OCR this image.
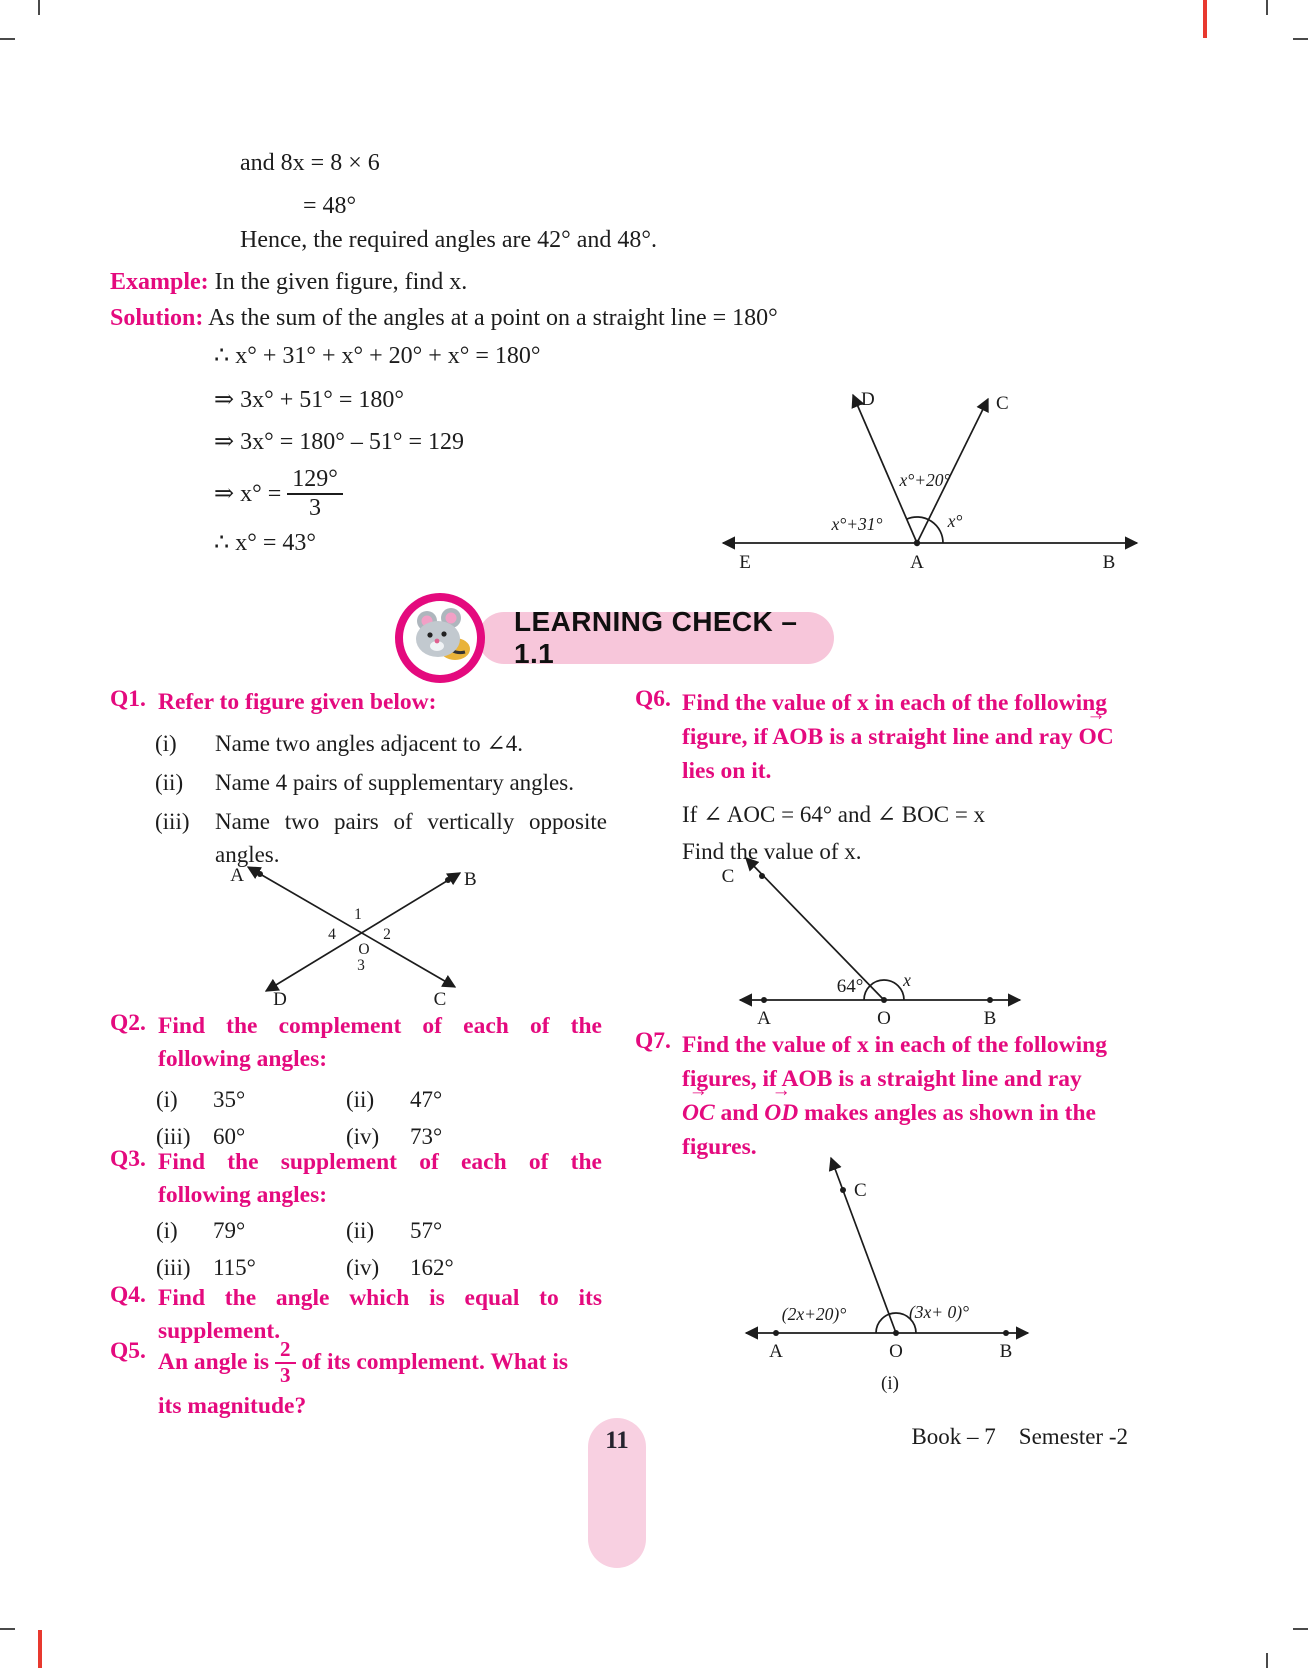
and 8x = 8 × 6
= 48°
Hence, the required angles are 42° and 48°.
Example: In the given figure, find x.
Solution: As the sum of the angles at a point on a straight line = 180°
∴ x° + 31° + x° + 20° + x° = 180°
⇒ 3x° + 51° = 180°
⇒ 3x° = 180° – 51° = 129
⇒ $x^\circ = \frac{129^\circ}{3}$
∴ x° = 43°
D	C
E	A	B
x°+20°
x°+31°	x°
LEARNING CHECK – 1.1
Q1. Refer to figure given below:
(i)	Name two angles adjacent to ∠4.
(ii)	Name 4 pairs of supplementary angles.
(iii)	Name two pairs of vertically opposite angles.
A	B
C
D
1
4	2
O
3
Q2. Find the complement of each of the following angles:
(i)	35°	(ii)	47°
(iii) 60°	(iv)	73°
Q3. Find the supplement of each of the following angles:
(i)	79°	(ii)	57°
(iii) 115°	(iv)	162°
Q4. Find the angle which is equal to its supplement.
Q5. An angle is $\frac{2}{3}$ of its complement. What is
its magnitude?
Q6. Find the value of x in each of the following
figure, if AOB is a straight line and ray OC →
lies on it.
If ∠ AOC = 64° and ∠ BOC = x
Find the value of x.
C
A	O	B
64° x
Q7. Find the value of x in each of the following
figures, if AOB is a straight line and ray
OC → and OD → makes angles as shown in the
figures.
C
A	O	B
(2x+20)°	(3x+ 0)°
(i)
11	Book – 7    Semester -2
